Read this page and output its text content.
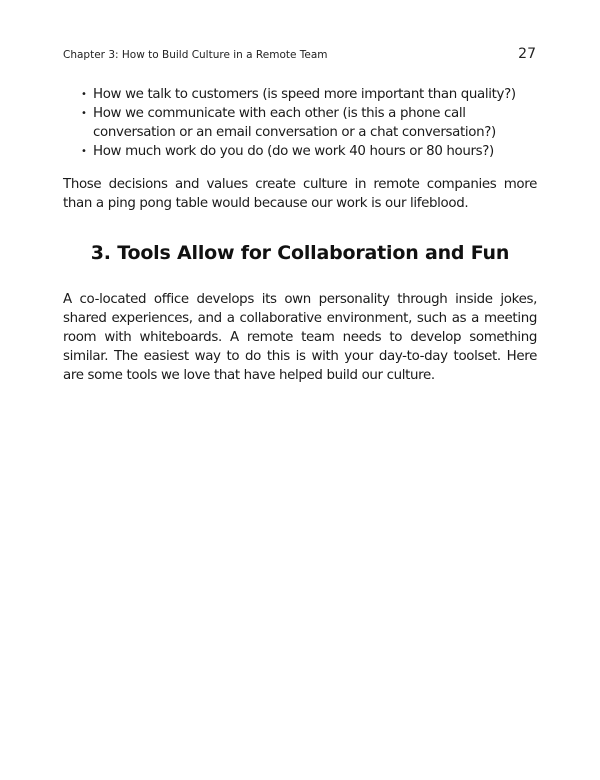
Chapter 3: How to Build Culture in a Remote Team	27
• How we talk to customers (is speed more important than quality?)
• How we communicate with each other (is this a phone call conversation or an email conversation or a chat conversation?)
• How much work do you do (do we work 40 hours or 80 hours?)

Those decisions and values create culture in remote companies more than a ping pong table would because our work is our lifeblood.

3. Tools Allow for Collaboration and Fun

A co-located office develops its own personality through inside jokes, shared experiences, and a collaborative environment, such as a meeting room with whiteboards. A remote team needs to develop something similar. The easiest way to do this is with your day-to-day toolset. Here are some tools we love that have helped build our culture.
